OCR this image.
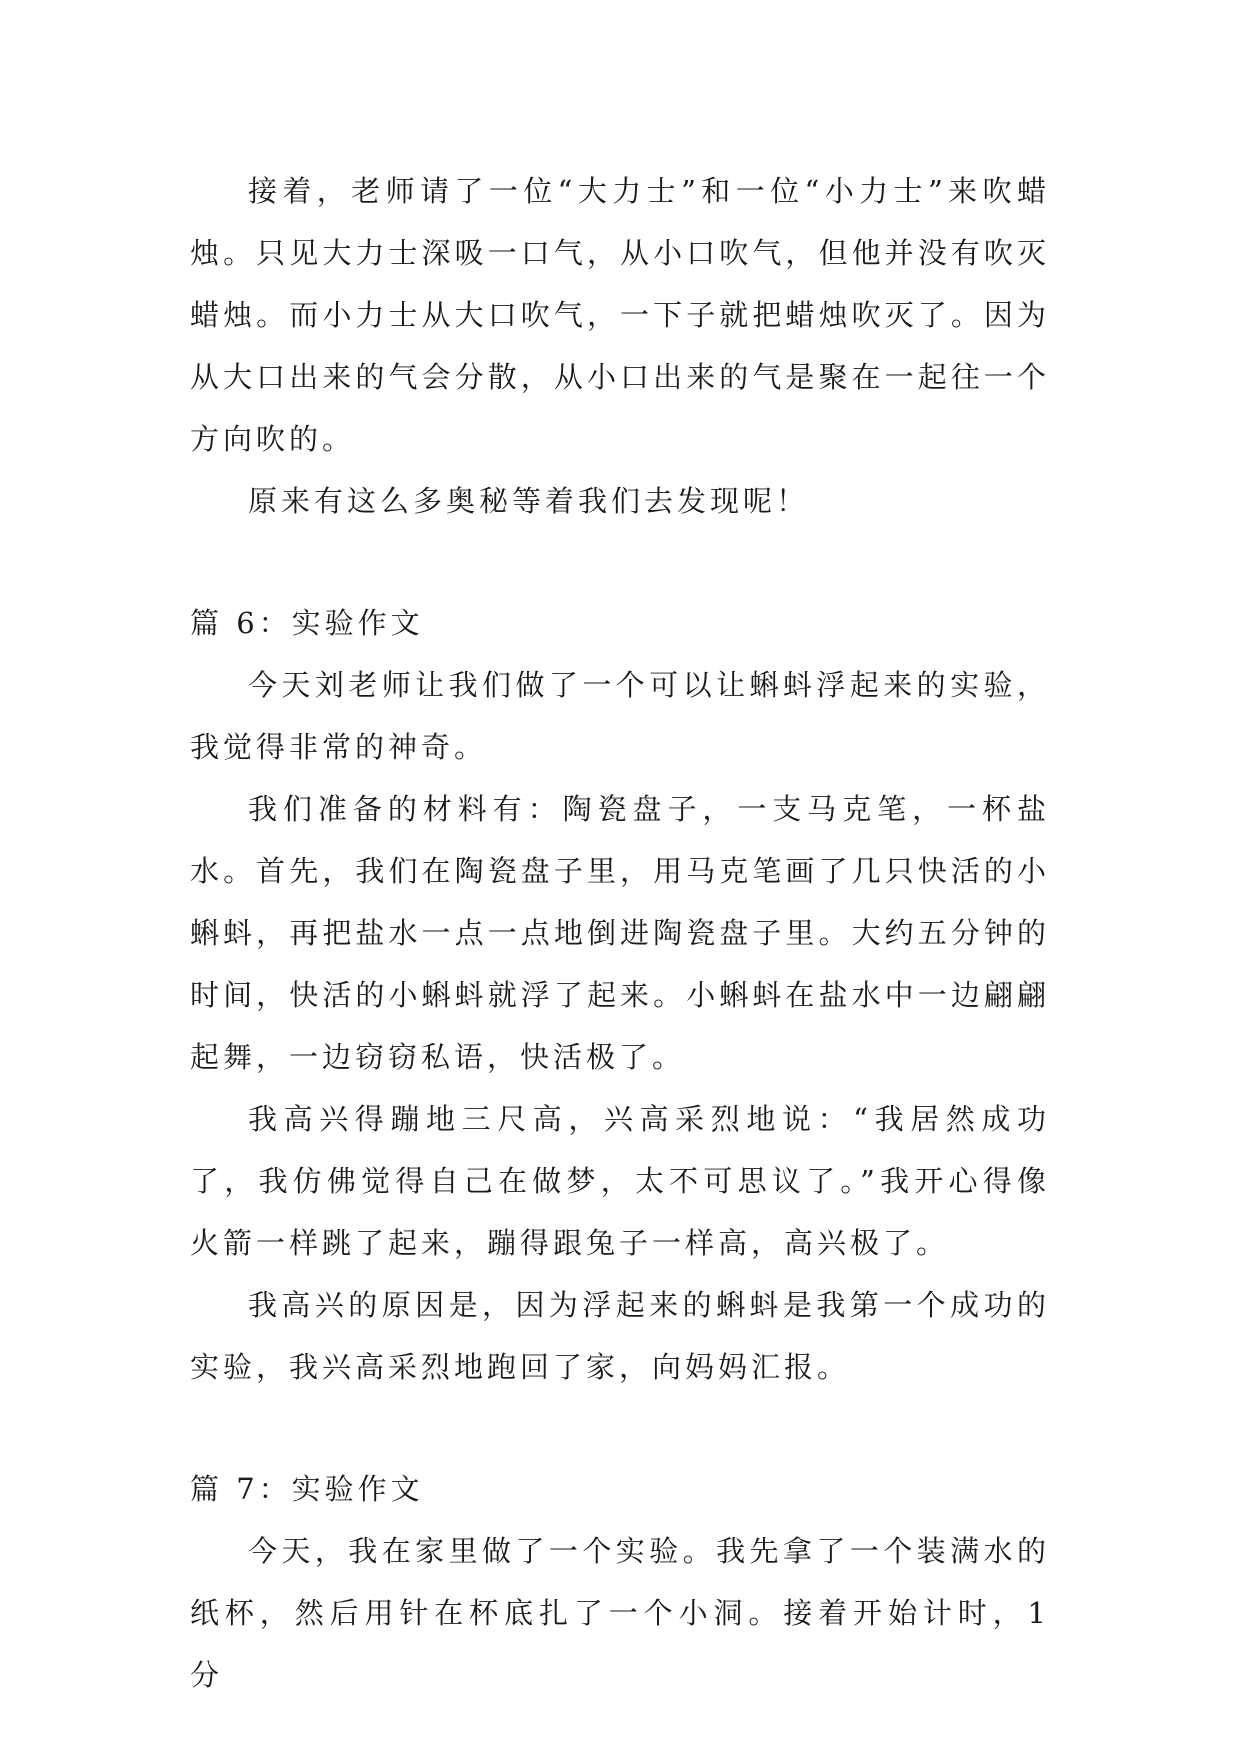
接着，老师请了一位“大力士”和一位“小力士”来吹蜡烛。只见大力士深吸一口气，从小口吹气，但他并没有吹灭蜡烛。而小力士从大口吹气，一下子就把蜡烛吹灭了。因为从大口出来的气会分散，从小口出来的气是聚在一起往一个方向吹的。

原来有这么多奥秘等着我们去发现呢！

篇 6：实验作文

今天刘老师让我们做了一个可以让蝌蚪浮起来的实验，我觉得非常的神奇。

我们准备的材料有：陶瓷盘子，一支马克笔，一杯盐水。首先，我们在陶瓷盘子里，用马克笔画了几只快活的小蝌蚪，再把盐水一点一点地倒进陶瓷盘子里。大约五分钟的时间，快活的小蝌蚪就浮了起来。小蝌蚪在盐水中一边翩翩起舞，一边窃窃私语，快活极了。

我高兴得蹦地三尺高，兴高采烈地说：“我居然成功了，我仿佛觉得自己在做梦，太不可思议了。”我开心得像火箭一样跳了起来，蹦得跟兔子一样高，高兴极了。

我高兴的原因是，因为浮起来的蝌蚪是我第一个成功的实验，我兴高采烈地跑回了家，向妈妈汇报。

篇 7：实验作文

今天，我在家里做了一个实验。我先拿了一个装满水的纸杯，然后用针在杯底扎了一个小洞。接着开始计时，1 分
